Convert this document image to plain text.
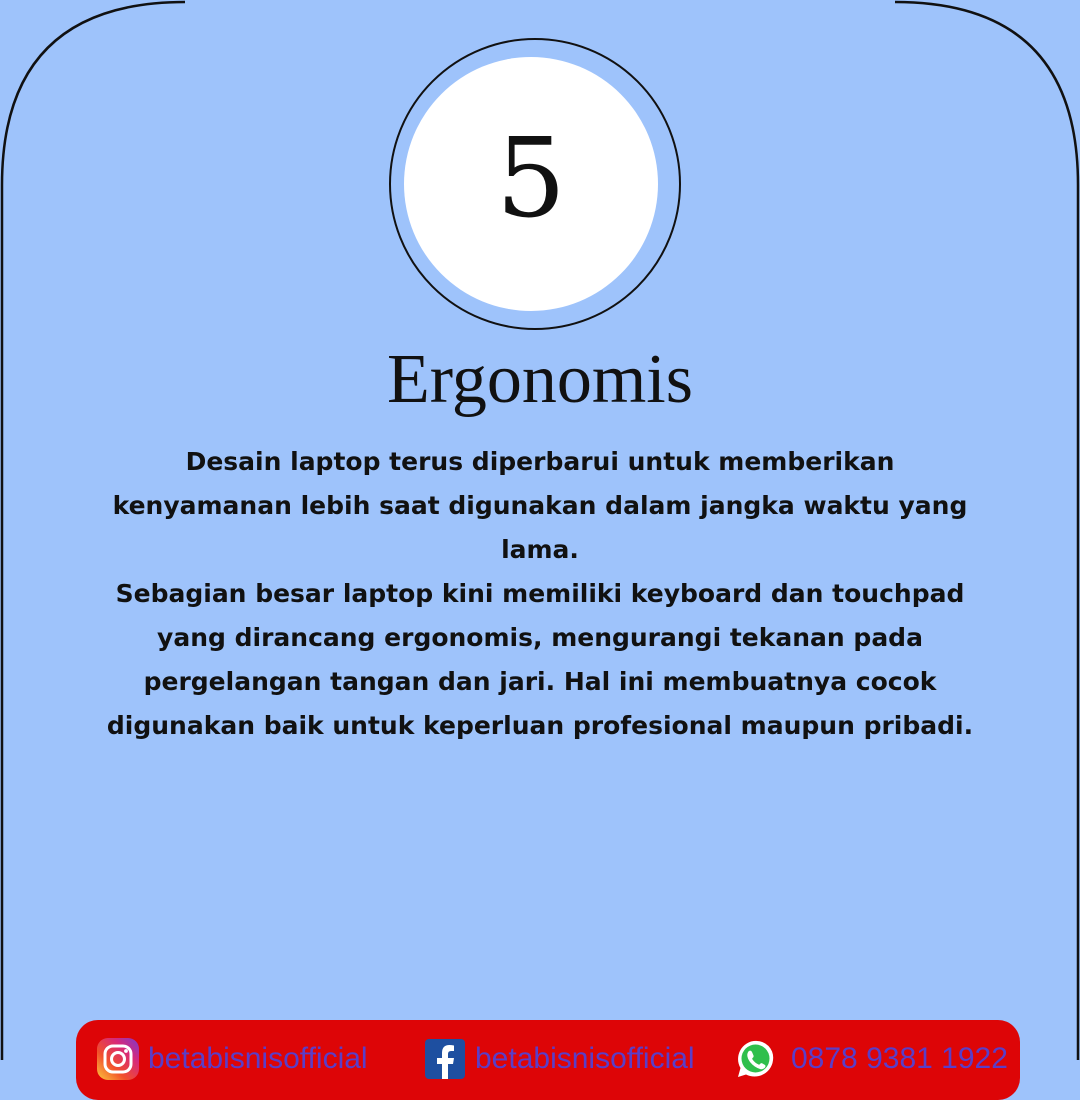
5
Ergonomis

Desain laptop terus diperbarui untuk memberikan kenyamanan lebih saat digunakan dalam jangka waktu yang lama.

Sebagian besar laptop kini memiliki keyboard dan touchpad yang dirancang ergonomis, mengurangi tekanan pada pergelangan tangan dan jari. Hal ini membuatnya cocok digunakan baik untuk keperluan profesional maupun pribadi.

betabisnisofficial	betabisnisofficial	0878 9381 1922
